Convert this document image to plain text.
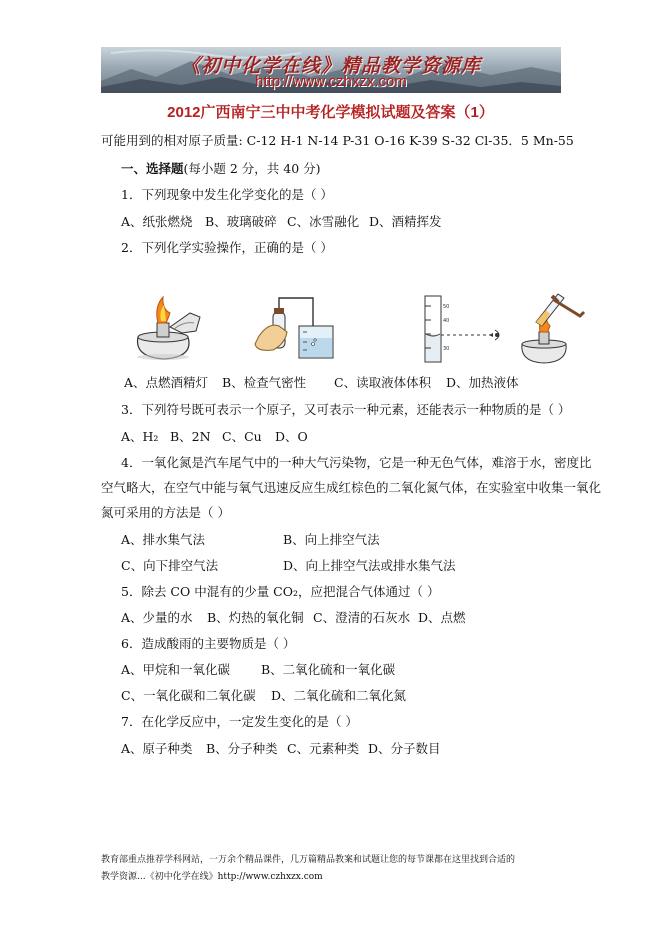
《初中化学在线》精品教学资源库
http://www.czhxzx.com
2012广西南宁三中中考化学模拟试题及答案（1）
可能用到的相对原子质量: C-12 H-1 N-14 P-31 O-16 K-39 S-32 Cl-35．5 Mn-55
一、选择题(每小题 2 分，共 40 分)
1．下列现象中发生化学变化的是（ ）
A、纸张燃烧 B、玻璃破碎 C、冰雪融化 D、酒精挥发
2．下列化学实验操作，正确的是（ ）
50
40
30
A、点燃酒精灯 B、检查气密性 C、读取液体体积 D、加热液体
3．下列符号既可表示一个原子，又可表示一种元素，还能表示一种物质的是（ ）
A、H₂ B、2N C、Cu D、O
4．一氧化氮是汽车尾气中的一种大气污染物，它是一种无色气体，难溶于水，密度比
空气略大，在空气中能与氧气迅速反应生成红棕色的二氧化氮气体，在实验室中收集一氧化
氮可采用的方法是（ ）
A、排水集气法	B、向上排空气法
C、向下排空气法	D、向上排空气法或排水集气法
5．除去 CO 中混有的少量 CO₂，应把混合气体通过（ ）
A、少量的水 B、灼热的氧化铜 C、澄清的石灰水 D、点燃
6．造成酸雨的主要物质是（ ）
A、甲烷和一氧化碳 B、二氧化硫和一氧化碳
C、一氧化碳和二氧化碳 D、二氧化硫和二氧化氮
7．在化学反应中，一定发生变化的是（ ）
A、原子种类 B、分子种类 C、元素种类 D、分子数目
教育部重点推荐学科网站，一万余个精品课件，几万篇精品教案和试题让您的每节课都在这里找到合适的
教学资源...《初中化学在线》http://www.czhxzx.com
